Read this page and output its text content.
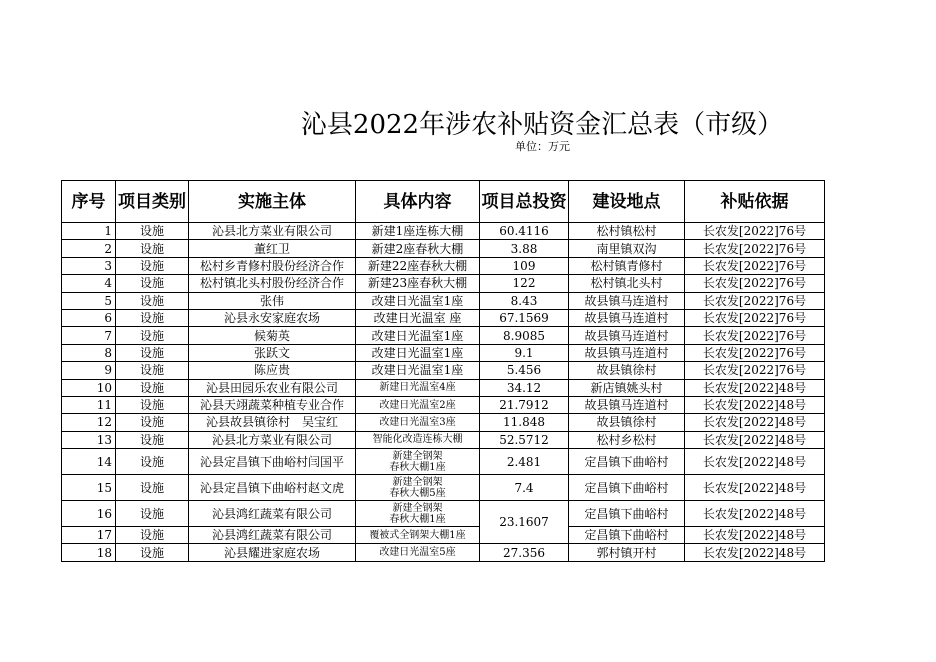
沁县2022年涉农补贴资金汇总表（市级）
单位：万元
序号	项目类别	实施主体	具体内容	项目总投资	建设地点	补贴依据
1	设施	沁县北方菜业有限公司	新建1座连栋大棚	60.4116	松村镇松村	长农发[2022]76号
2	设施	董红卫	新建2座春秋大棚	3.88	南里镇双沟	长农发[2022]76号
3	设施	松村乡青修村股份经济合作	新建22座春秋大棚	109	松村镇青修村	长农发[2022]76号
4	设施	松村镇北头村股份经济合作	新建23座春秋大棚	122	松村镇北头村	长农发[2022]76号
5	设施	张伟	改建日光温室1座	8.43	故县镇马连道村	长农发[2022]76号
6	设施	沁县永安家庭农场	改建日光温室 座	67.1569	故县镇马连道村	长农发[2022]76号
7	设施	候菊英	改建日光温室1座	8.9085	故县镇马连道村	长农发[2022]76号
8	设施	张跃文	改建日光温室1座	9.1	故县镇马连道村	长农发[2022]76号
9	设施	陈应贵	改建日光温室1座	5.456	故县镇徐村	长农发[2022]76号
10	设施	沁县田园乐农业有限公司	新建日光温室4座	34.12	新店镇姚头村	长农发[2022]48号
11	设施	沁县天翊蔬菜种植专业合作	改建日光温室2座	21.7912	故县镇马连道村	长农发[2022]48号
12	设施	沁县故县镇徐村　吴宝红	改建日光温室3座	11.848	故县镇徐村	长农发[2022]48号
13	设施	沁县北方菜业有限公司	智能化改造连栋大棚	52.5712	松村乡松村	长农发[2022]48号
14	设施	沁县定昌镇下曲峪村闫国平	新建全钢架
春秋大棚1座	2.481	定昌镇下曲峪村	长农发[2022]48号
15	设施	沁县定昌镇下曲峪村赵文虎	新建全钢架
春秋大棚5座	7.4	定昌镇下曲峪村	长农发[2022]48号
16	设施	沁县鸿红蔬菜有限公司	新建全钢架
春秋大棚1座	23.1607	定昌镇下曲峪村	长农发[2022]48号
17	设施	沁县鸿红蔬菜有限公司	覆被式全钢架大棚1座		定昌镇下曲峪村	长农发[2022]48号
18	设施	沁县耀进家庭农场	改建日光温室5座	27.356	郭村镇开村	长农发[2022]48号
